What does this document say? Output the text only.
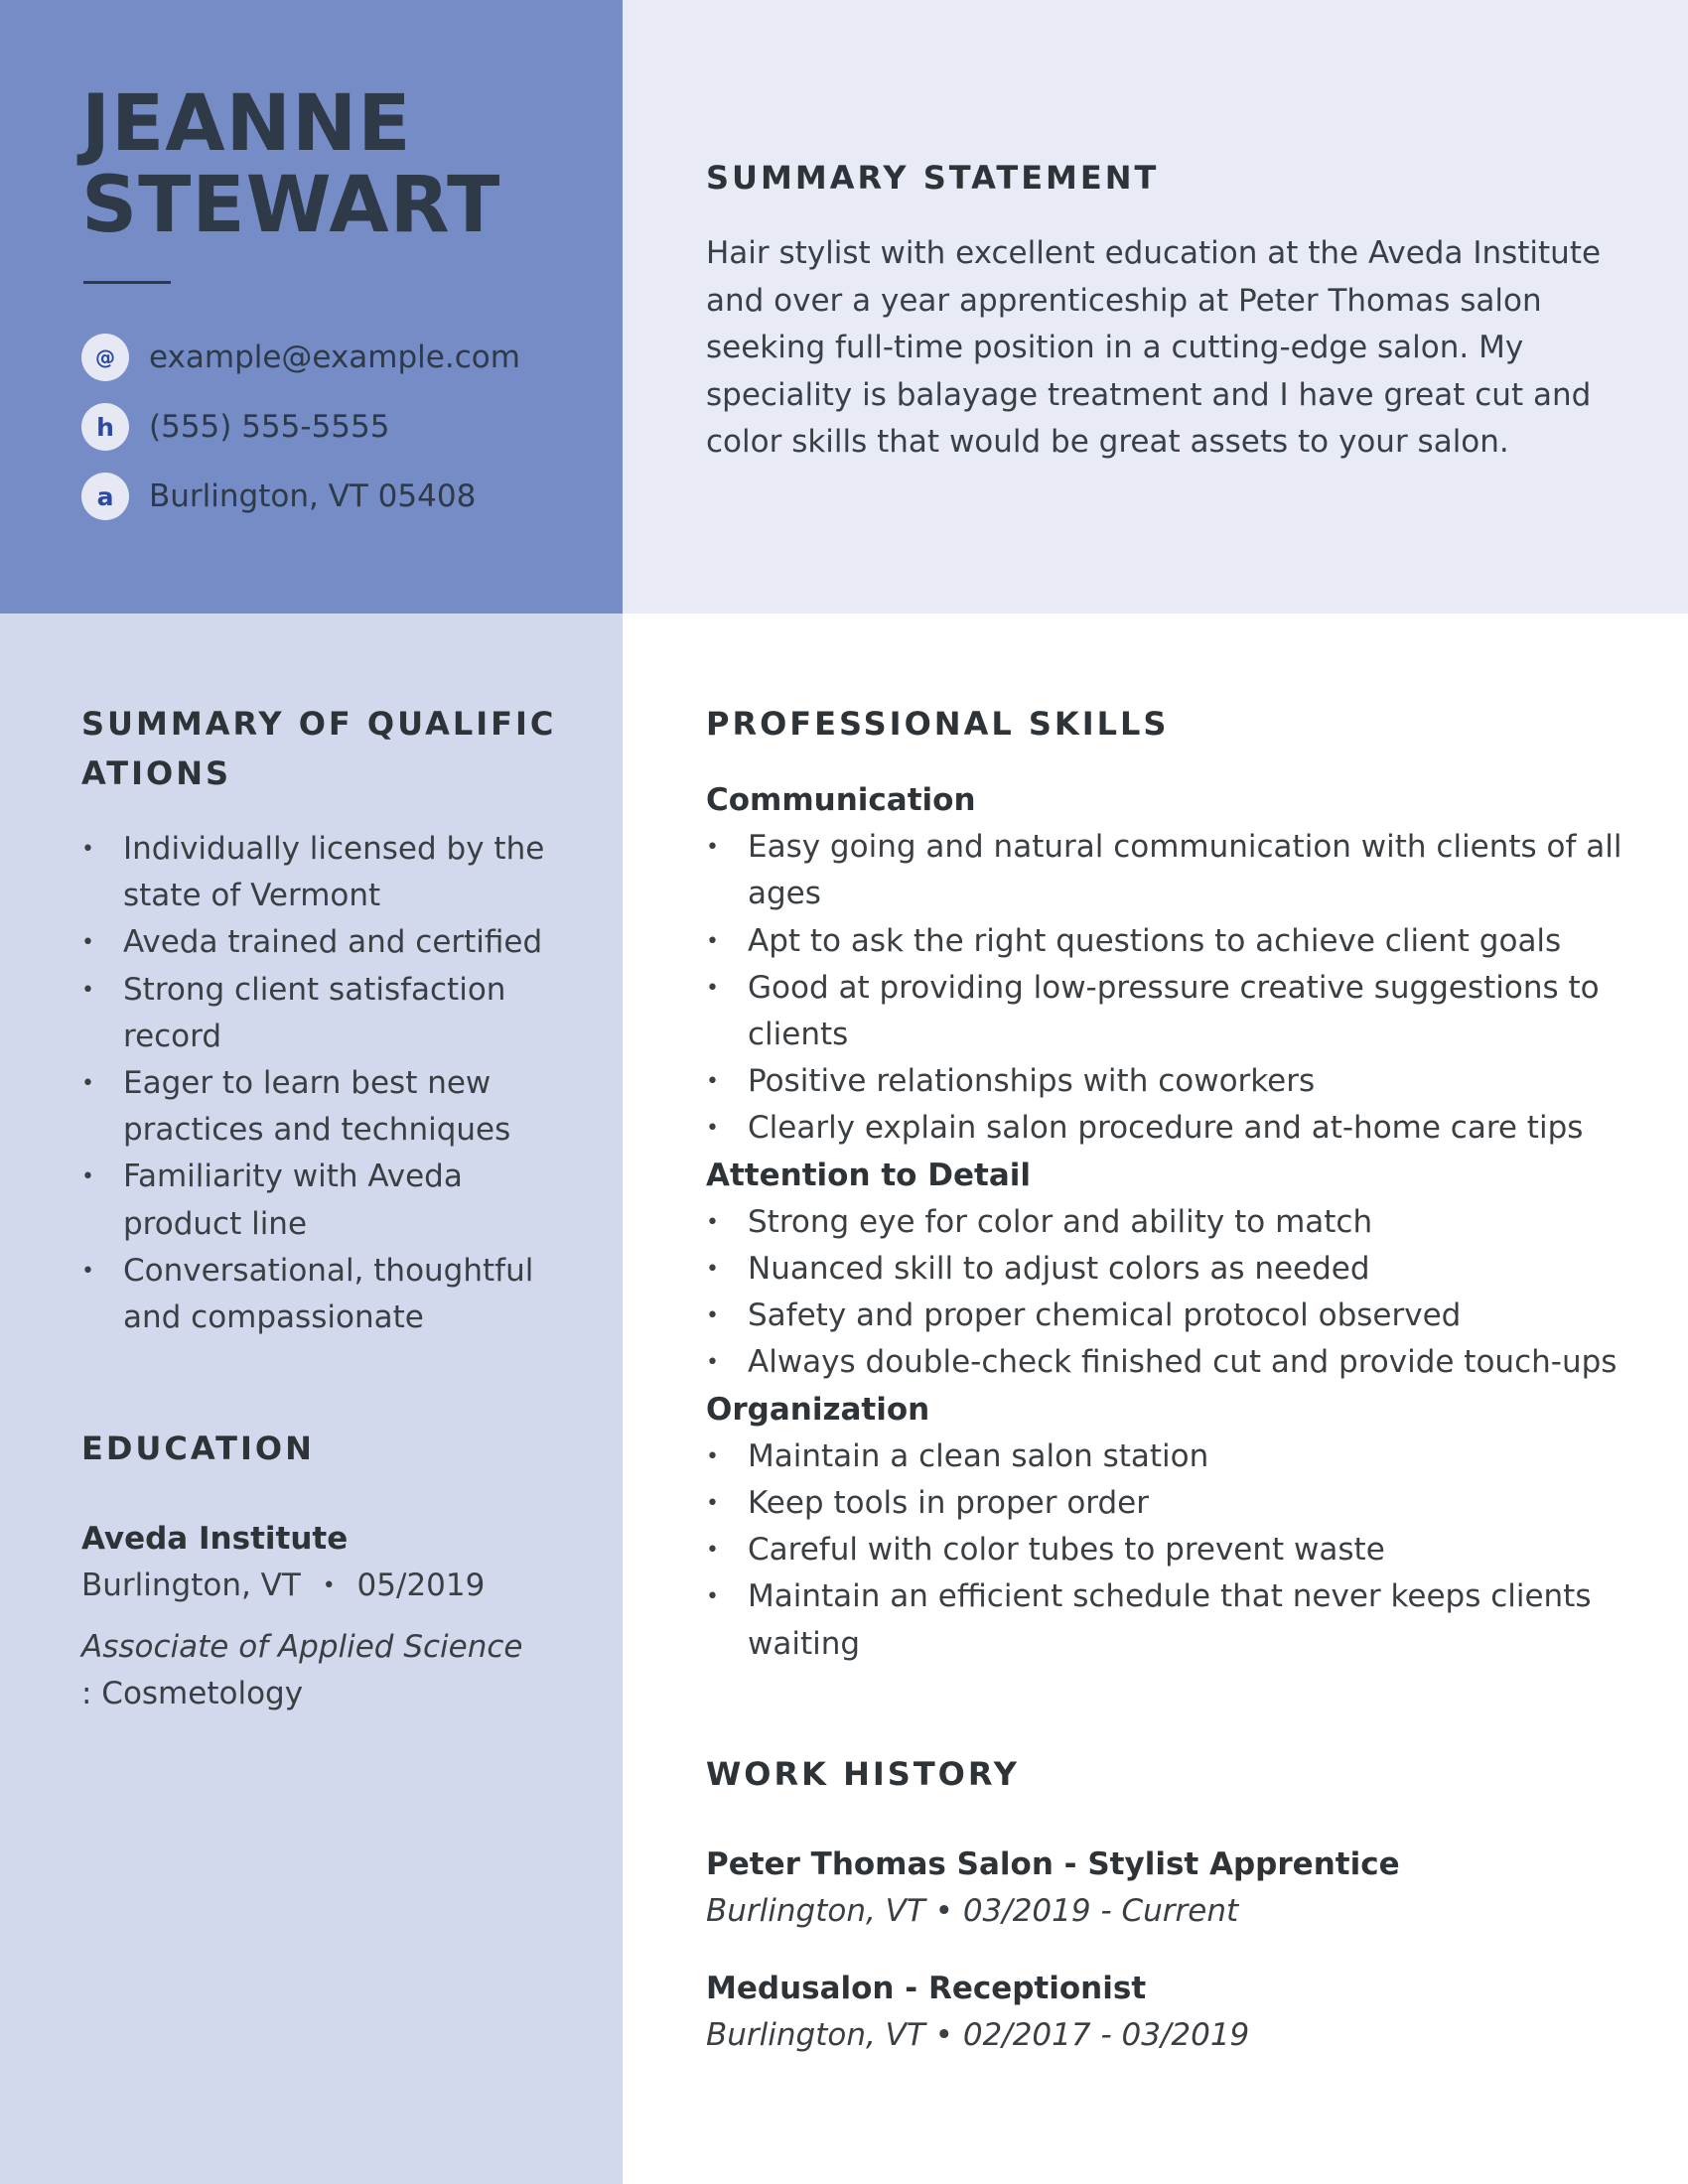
JEANNE
STEWART
@	example@example.com
h	(555) 555-5555
a	Burlington, VT 05408
SUMMARY STATEMENT
Hair stylist with excellent education at the Aveda Institute and over a year apprenticeship at Peter Thomas salon seeking full-time position in a cutting-edge salon. My speciality is balayage treatment and I have great cut and color skills that would be great assets to your salon.
SUMMARY OF QUALIFIC
ATIONS
• Individually licensed by the state of Vermont
• Aveda trained and certified
• Strong client satisfaction record
• Eager to learn best new practices and techniques
• Familiarity with Aveda product line
• Conversational, thoughtful and compassionate
EDUCATION
Aveda Institute
Burlington, VT • 05/2019
Associate of Applied Science
: Cosmetology
PROFESSIONAL SKILLS
Communication
• Easy going and natural communication with clients of all ages
• Apt to ask the right questions to achieve client goals
• Good at providing low-pressure creative suggestions to clients
• Positive relationships with coworkers
• Clearly explain salon procedure and at-home care tips
Attention to Detail
• Strong eye for color and ability to match
• Nuanced skill to adjust colors as needed
• Safety and proper chemical protocol observed
• Always double-check finished cut and provide touch-ups
Organization
• Maintain a clean salon station
• Keep tools in proper order
• Careful with color tubes to prevent waste
• Maintain an efficient schedule that never keeps clients waiting
WORK HISTORY
Peter Thomas Salon - Stylist Apprentice
Burlington, VT • 03/2019 - Current
Medusalon - Receptionist
Burlington, VT • 02/2017 - 03/2019
